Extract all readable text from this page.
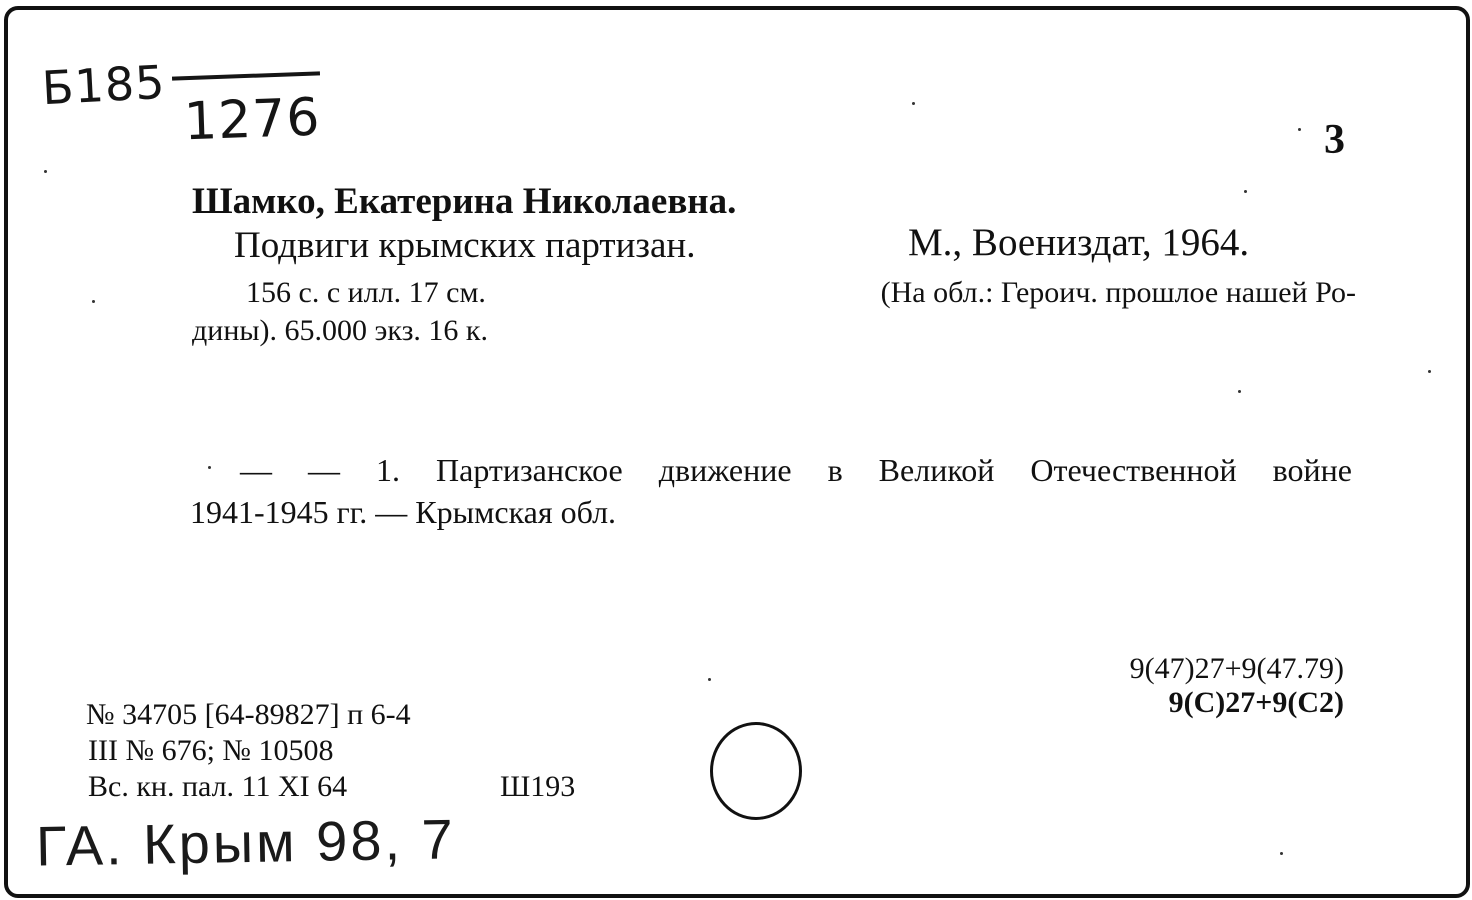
Б185
1276	3
Шамко, Екатерина Николаевна.
Подвиги крымских партизан.	М., Воениздат, 1964.
156 с. с илл. 17 см.	(На обл.: Героич. прошлое нашей Ро-
дины). 65.000 экз. 16 к.
— — 1. Партизанское движение в Великой Отечественной войне
1941-1945 гг. — Крымская обл.
9(47)27+9(47.79)
9(С)27+9(С2)
№ 34705 [64-89827] п 6-4
III № 676; № 10508
Вс. кн. пал. 11 XI 64	Ш193
ГА. Крым 98, 7
